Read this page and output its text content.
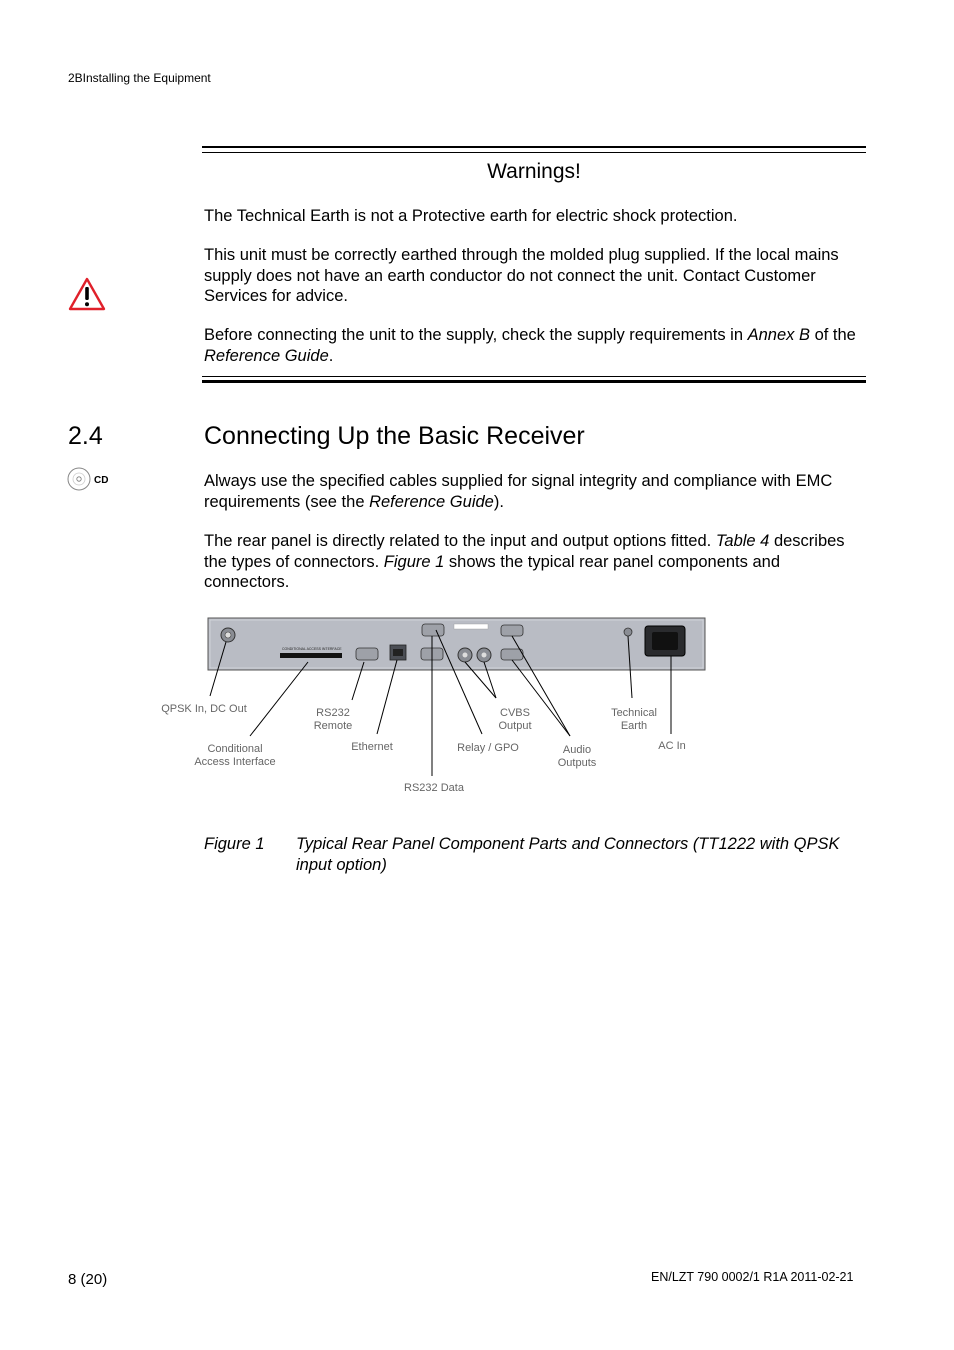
2BInstalling the Equipment
Warnings!
The Technical Earth is not a Protective earth for electric shock protection.
This unit must be correctly earthed through the molded plug supplied. If the local mains supply does not have an earth conductor do not connect the unit. Contact Customer Services for advice.
Before connecting the unit to the supply, check the supply requirements in Annex B of the Reference Guide.
2.4	Connecting Up the Basic Receiver
CD	Always use the specified cables supplied for signal integrity and compliance with EMC requirements (see the Reference Guide).
The rear panel is directly related to the input and output options fitted. Table 4 describes the types of connectors. Figure 1 shows the typical rear panel components and connectors.
CONDITIONAL ACCESS INTERFACE
QPSK In, DC Out	RS232
Remote
Conditional
Access Interface
Ethernet
CVBS
Output
Relay / GPO	Audio
Outputs
Technical
Earth
AC In
RS232 Data
Figure 1 Typical Rear Panel Component Parts and Connectors (TT1222 with QPSK input option)
8 (20)	EN/LZT 790 0002/1 R1A 2011-02-21
